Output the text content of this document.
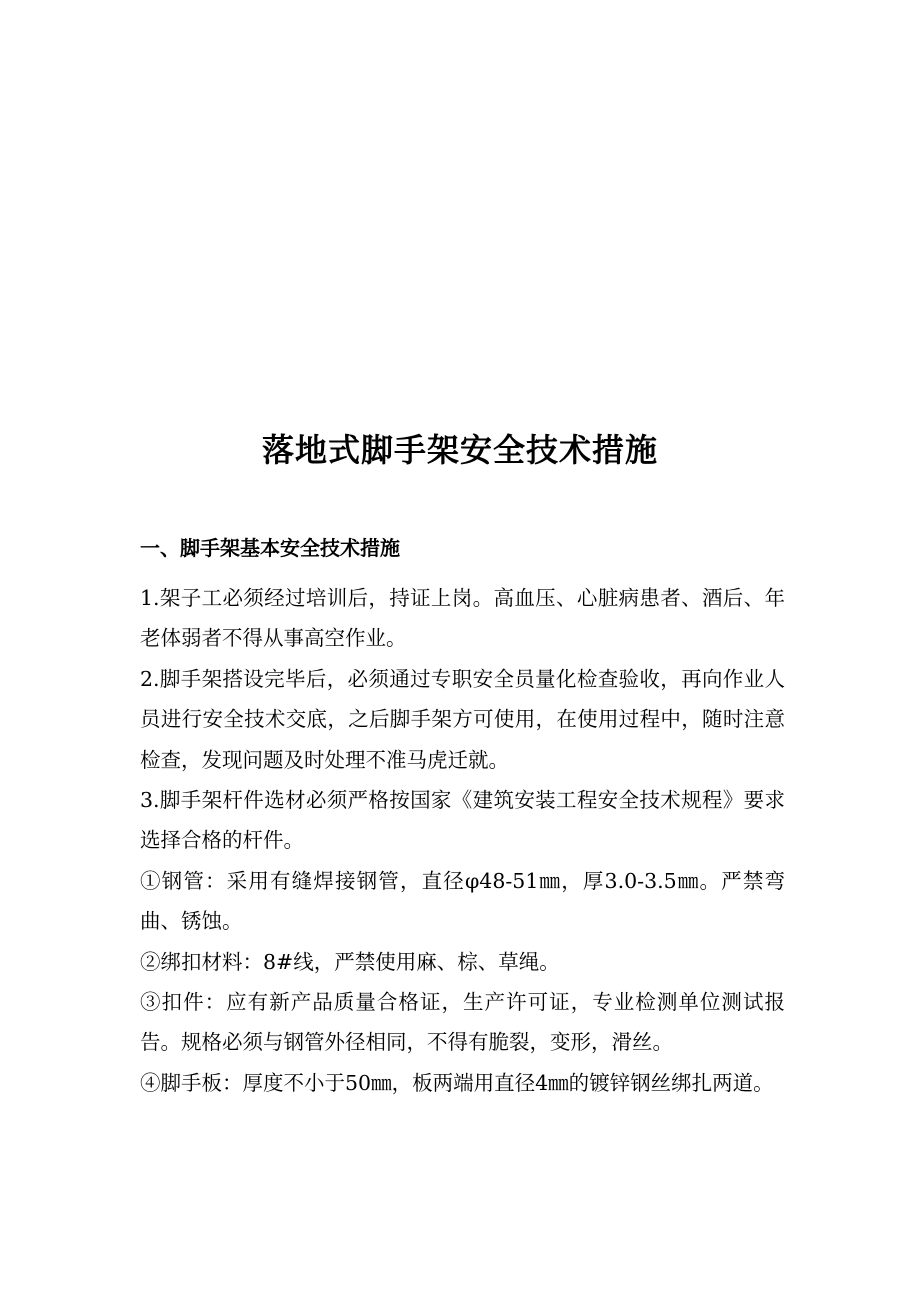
落地式脚手架安全技术措施
一、脚手架基本安全技术措施

1.架子工必须经过培训后，持证上岗。高血压、心脏病患者、酒后、年老体弱者不得从事高空作业。

2.脚手架搭设完毕后，必须通过专职安全员量化检查验收，再向作业人员进行安全技术交底，之后脚手架方可使用，在使用过程中，随时注意检查，发现问题及时处理不准马虎迁就。

3.脚手架杆件选材必须严格按国家《建筑安装工程安全技术规程》要求选择合格的杆件。

①钢管：采用有缝焊接钢管，直径φ48-51㎜，厚3.0-3.5㎜。严禁弯曲、锈蚀。

②绑扣材料：8#线，严禁使用麻、棕、草绳。

③扣件：应有新产品质量合格证，生产许可证，专业检测单位测试报告。规格必须与钢管外径相同，不得有脆裂，变形，滑丝。

④脚手板：厚度不小于50㎜，板两端用直径4㎜的镀锌钢丝绑扎两道。
